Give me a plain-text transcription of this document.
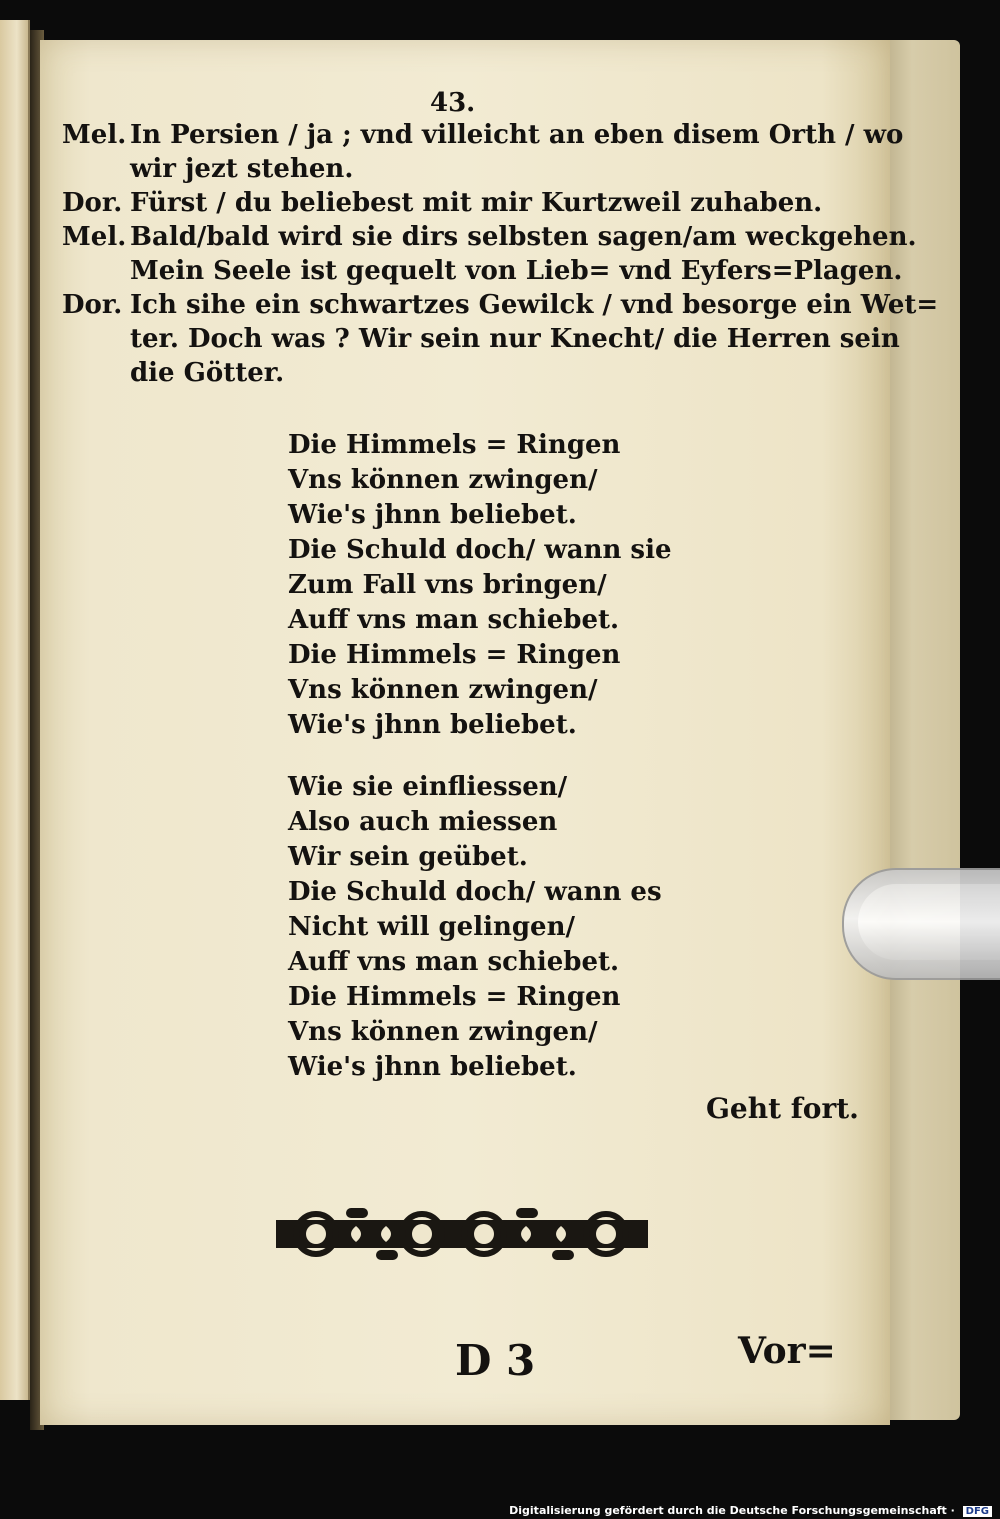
43.
Mel. In Persien / ja ; vnd villeicht an eben disem Orth / wo
wir jezt stehen.
Dor. Fürst / du beliebest mit mir Kurtzweil zuhaben.
Mel. Bald/bald wird sie dirs selbsten sagen/am weckgehen.
Mein Seele ist gequelt von Lieb= vnd Eyfers=Plagen.
Dor. Ich sihe ein schwartzes Gewilck / vnd besorge ein Wet=
ter. Doch was ? Wir sein nur Knecht/ die Herren sein
die Götter.
Die Himmels = Ringen
Vns können zwingen/
Wie's jhnn beliebet.
Die Schuld doch/ wann sie
Zum Fall vns bringen/
Auff vns man schiebet.
Die Himmels = Ringen
Vns können zwingen/
Wie's jhnn beliebet.
Wie sie einfliessen/
Also auch miessen
Wir sein geübet.
Die Schuld doch/ wann es
Nicht will gelingen/
Auff vns man schiebet.
Die Himmels = Ringen
Vns können zwingen/
Wie's jhnn beliebet.
Geht fort.
D 3	Vor=
Digitalisierung gefördert durch die Deutsche Forschungsgemeinschaft · DFG
